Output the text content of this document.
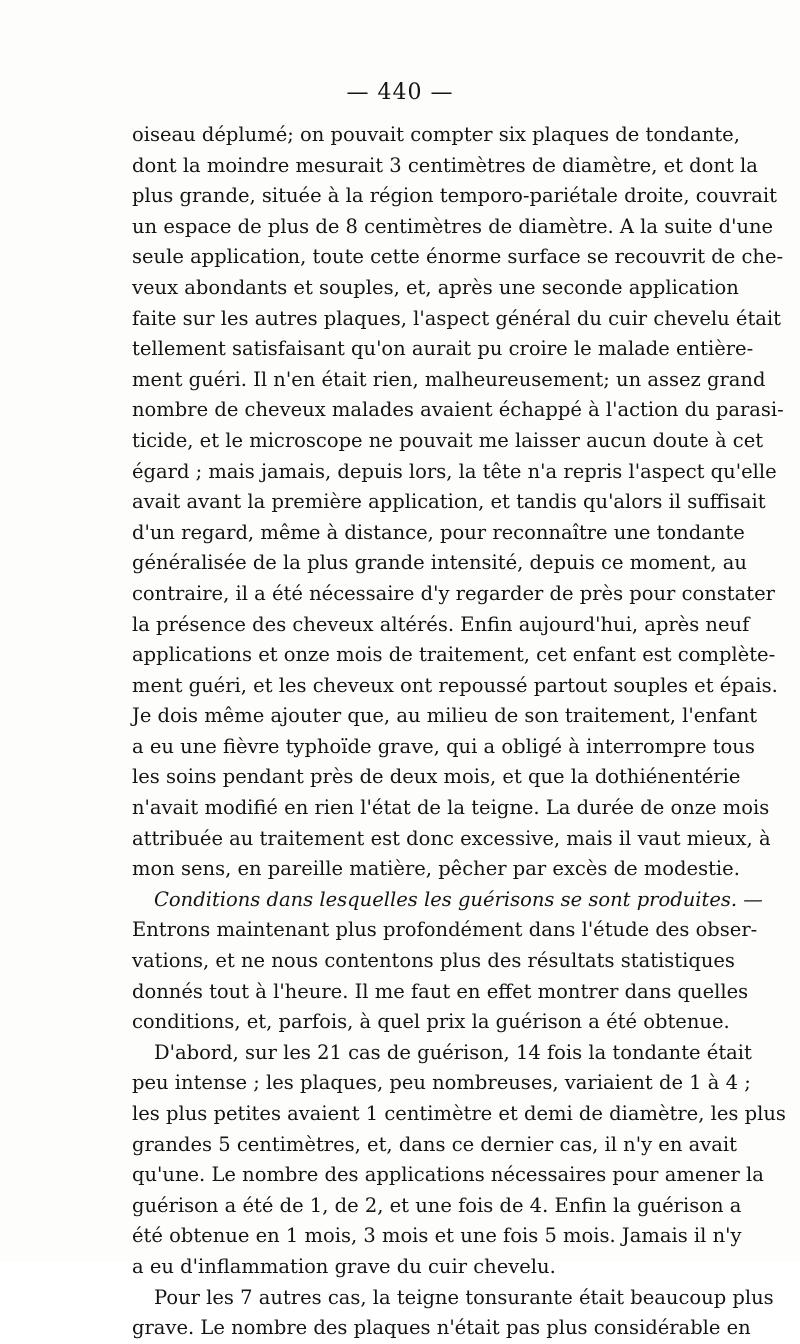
— 440 —
oiseau déplumé; on pouvait compter six plaques de tondante,
dont la moindre mesurait 3 centimètres de diamètre, et dont la
plus grande, située à la région temporo-pariétale droite, couvrait
un espace de plus de 8 centimètres de diamètre. A la suite d'une
seule application, toute cette énorme surface se recouvrit de che-
veux abondants et souples, et, après une seconde application
faite sur les autres plaques, l'aspect général du cuir chevelu était
tellement satisfaisant qu'on aurait pu croire le malade entière-
ment guéri. Il n'en était rien, malheureusement; un assez grand
nombre de cheveux malades avaient échappé à l'action du parasi-
ticide, et le microscope ne pouvait me laisser aucun doute à cet
égard ; mais jamais, depuis lors, la tête n'a repris l'aspect qu'elle
avait avant la première application, et tandis qu'alors il suffisait
d'un regard, même à distance, pour reconnaître une tondante
généralisée de la plus grande intensité, depuis ce moment, au
contraire, il a été nécessaire d'y regarder de près pour constater
la présence des cheveux altérés. Enfin aujourd'hui, après neuf
applications et onze mois de traitement, cet enfant est complète-
ment guéri, et les cheveux ont repoussé partout souples et épais.
Je dois même ajouter que, au milieu de son traitement, l'enfant
a eu une fièvre typhoïde grave, qui a obligé à interrompre tous
les soins pendant près de deux mois, et que la dothiénentérie
n'avait modifié en rien l'état de la teigne. La durée de onze mois
attribuée au traitement est donc excessive, mais il vaut mieux, à
mon sens, en pareille matière, pêcher par excès de modestie.
Conditions dans lesquelles les guérisons se sont produites. —
Entrons maintenant plus profondément dans l'étude des obser-
vations, et ne nous contentons plus des résultats statistiques
donnés tout à l'heure. Il me faut en effet montrer dans quelles
conditions, et, parfois, à quel prix la guérison a été obtenue.
D'abord, sur les 21 cas de guérison, 14 fois la tondante était
peu intense ; les plaques, peu nombreuses, variaient de 1 à 4 ;
les plus petites avaient 1 centimètre et demi de diamètre, les plus
grandes 5 centimètres, et, dans ce dernier cas, il n'y en avait
qu'une. Le nombre des applications nécessaires pour amener la
guérison a été de 1, de 2, et une fois de 4. Enfin la guérison a
été obtenue en 1 mois, 3 mois et une fois 5 mois. Jamais il n'y
a eu d'inflammation grave du cuir chevelu.
Pour les 7 autres cas, la teigne tonsurante était beaucoup plus
grave. Le nombre des plaques n'était pas plus considérable en
